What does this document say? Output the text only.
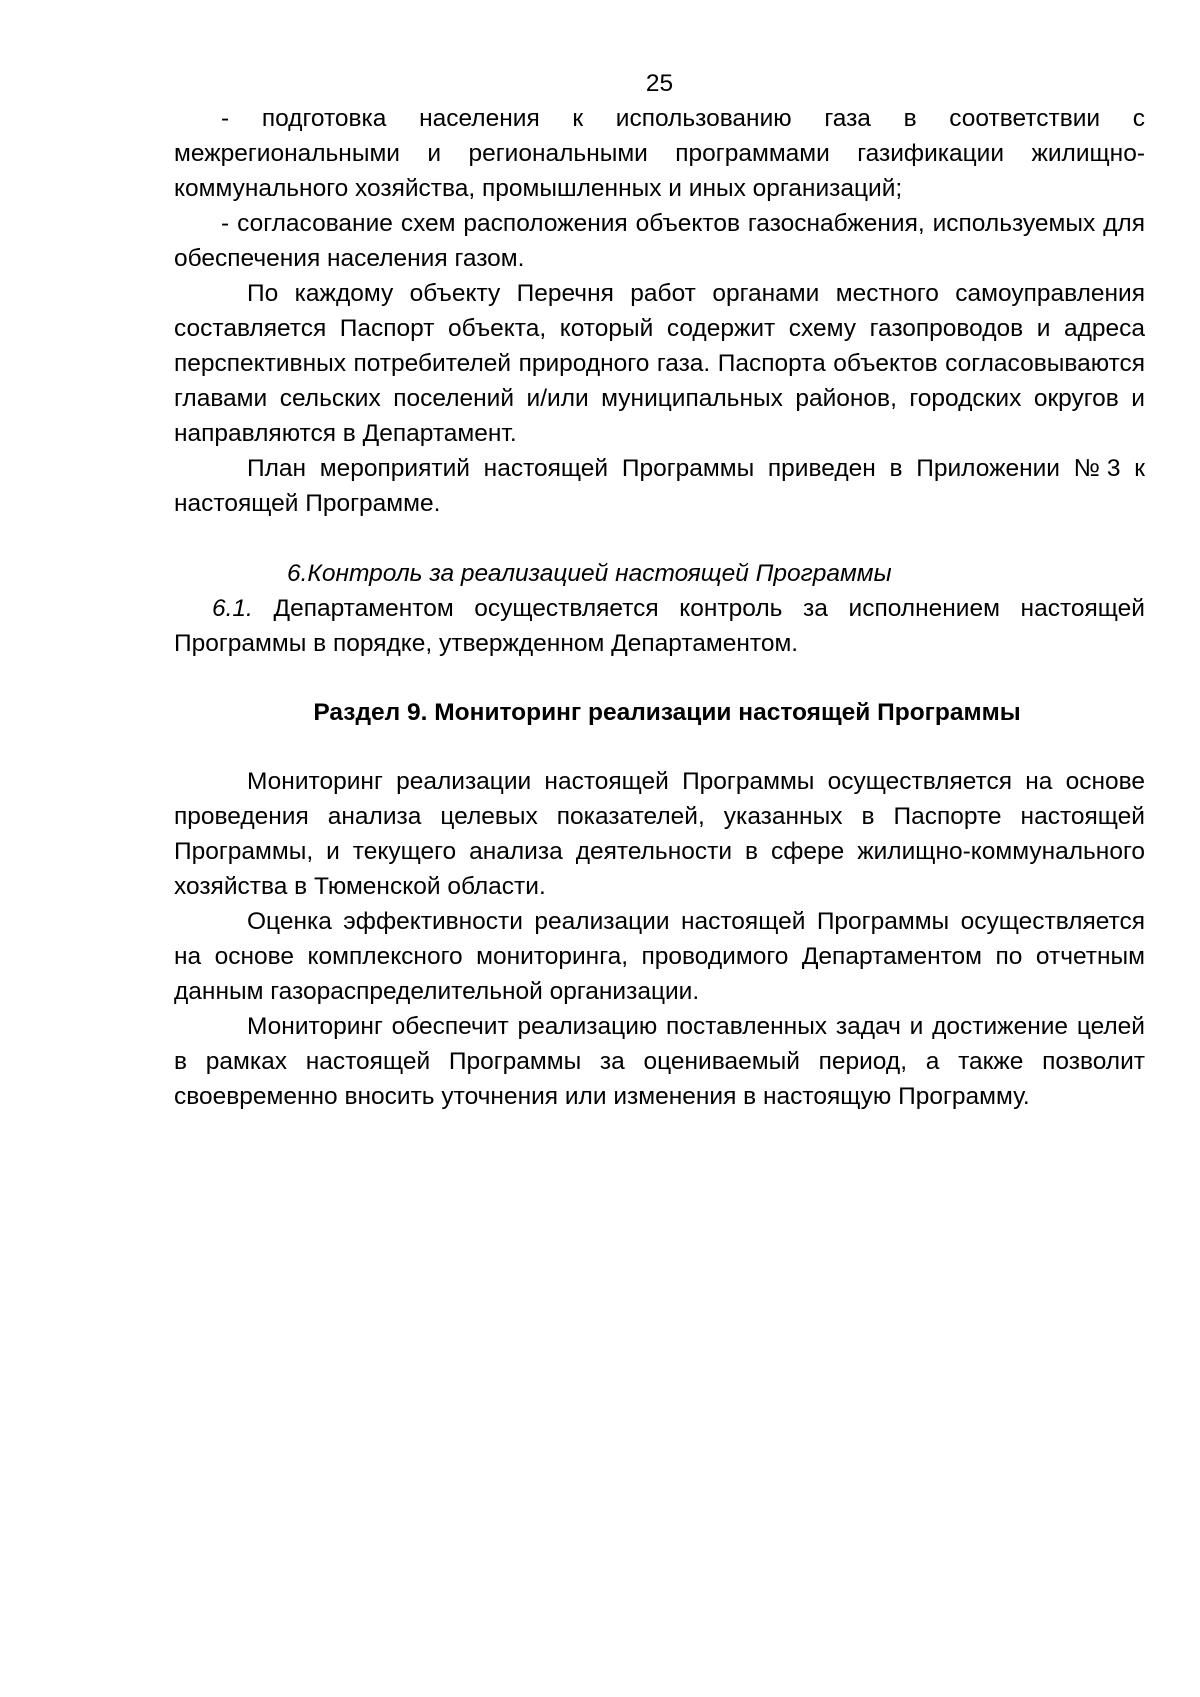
25

- подготовка населения к использованию газа в соответствии с межрегиональными и региональными программами газификации жилищно-коммунального хозяйства, промышленных и иных организаций;

- согласование схем расположения объектов газоснабжения, используемых для обеспечения населения газом.

По каждому объекту Перечня работ органами местного самоуправления составляется Паспорт объекта, который содержит схему газопроводов и адреса перспективных потребителей природного газа. Паспорта объектов согласовываются главами сельских поселений и/или муниципальных районов, городских округов и направляются в Департамент.

План мероприятий настоящей Программы приведен в Приложении №3 к настоящей Программе.

6.Контроль за реализацией настоящей Программы

6.1. Департаментом осуществляется контроль за исполнением настоящей Программы в порядке, утвержденном Департаментом.

Раздел 9. Мониторинг реализации настоящей Программы

Мониторинг реализации настоящей Программы осуществляется на основе проведения анализа целевых показателей, указанных в Паспорте настоящей Программы, и текущего анализа деятельности в сфере жилищно-коммунального хозяйства в Тюменской области.

Оценка эффективности реализации настоящей Программы осуществляется на основе комплексного мониторинга, проводимого Департаментом по отчетным данным газораспределительной организации.

Мониторинг обеспечит реализацию поставленных задач и достижение целей в рамках настоящей Программы за оцениваемый период, а также позволит своевременно вносить уточнения или изменения в настоящую Программу.
